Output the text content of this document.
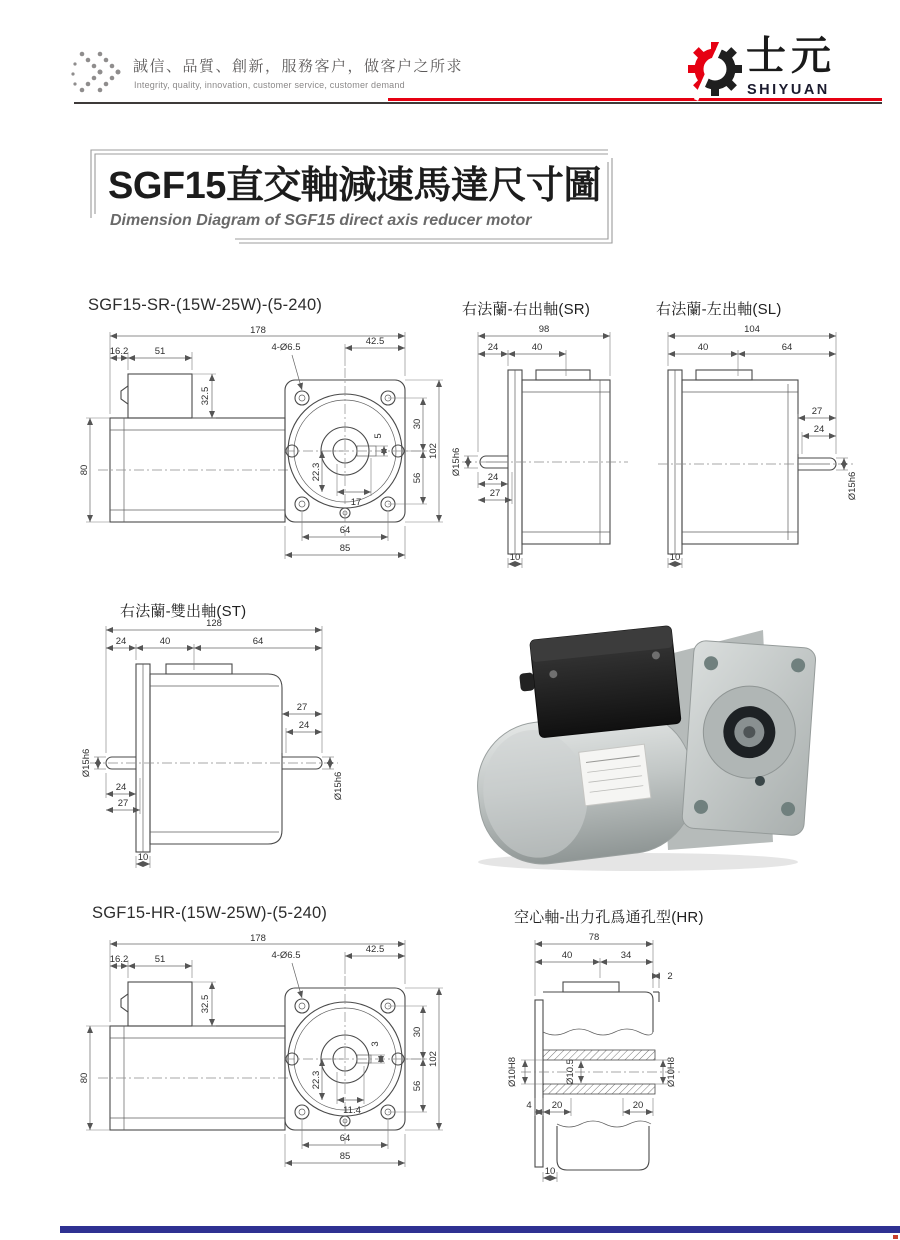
誠信、品質、創新，服務客户，做客户之所求
Integrity, quality, innovation, customer service, customer demand
士元
SHIYUAN
SGF15直交軸減速馬達尺寸圖
Dimension Diagram of SGF15 direct axis reducer motor
SGF15-SR-(15W-25W)-(5-240)	右法蘭-右出軸(SR)	右法蘭-左出軸(SL)
右法蘭-雙出軸(ST)
SGF15-HR-(15W-25W)-(5-240)	空心軸-出力孔爲通孔型(HR)
178
16.2	51
32.5
80
4-Ø6.5
42.5
30
56
102
22.3
17
5
64
85
98
24	40
Ø15h6
24
27
10
104
40	64
27
24
Ø15h6
10
128
24	40	64
27
24
Ø15h6
Ø15h6
24
27
10
178
16.2	51
32.5
80
4-Ø6.5
42.5
30
56
102
22.3
11.4
3
64
85
78
40	34
2
Ø10H8	Ø10.5	Ø10H8
4 20	20
10
